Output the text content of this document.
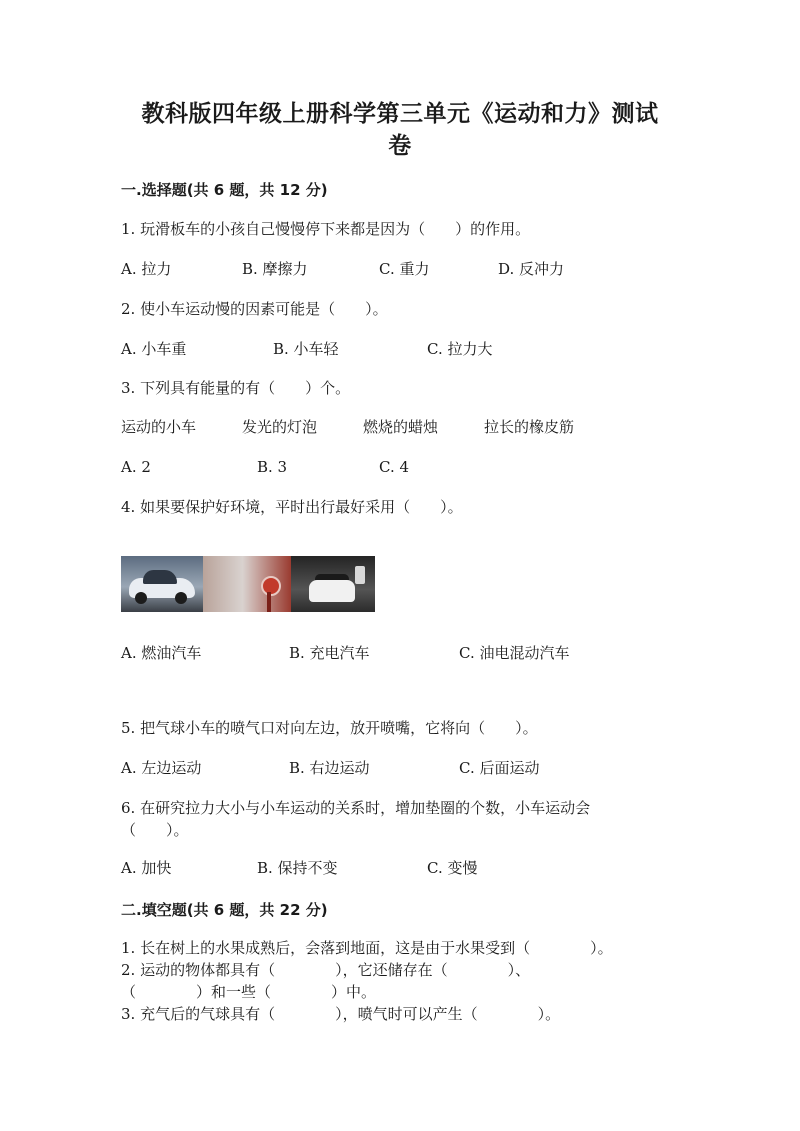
教科版四年级上册科学第三单元《运动和力》测试
卷
一.选择题(共 6 题，共 12 分)
1. 玩滑板车的小孩自己慢慢停下来都是因为（　　）的作用。
A. 拉力	B. 摩擦力	C. 重力	D. 反冲力
2. 使小车运动慢的因素可能是（　　）。
A. 小车重	B. 小车轻	C. 拉力大
3. 下列具有能量的有（　　）个。
运动的小车	发光的灯泡	燃烧的蜡烛	拉长的橡皮筋
A. 2	B. 3	C. 4
4. 如果要保护好环境，平时出行最好采用（　　）。
A. 燃油汽车	B. 充电汽车	C. 油电混动汽车
5. 把气球小车的喷气口对向左边，放开喷嘴，它将向（　　）。
A. 左边运动	B. 右边运动	C. 后面运动
6. 在研究拉力大小与小车运动的关系时，增加垫圈的个数，小车运动会
（　　）。
A. 加快	B. 保持不变	C. 变慢
二.填空题(共 6 题，共 22 分)
1. 长在树上的水果成熟后，会落到地面，这是由于水果受到（　　　　）。
2. 运动的物体都具有（　　　　），它还储存在（　　　　）、
（　　　　）和一些（　　　　）中。
3. 充气后的气球具有（　　　　），喷气时可以产生（　　　　）。
